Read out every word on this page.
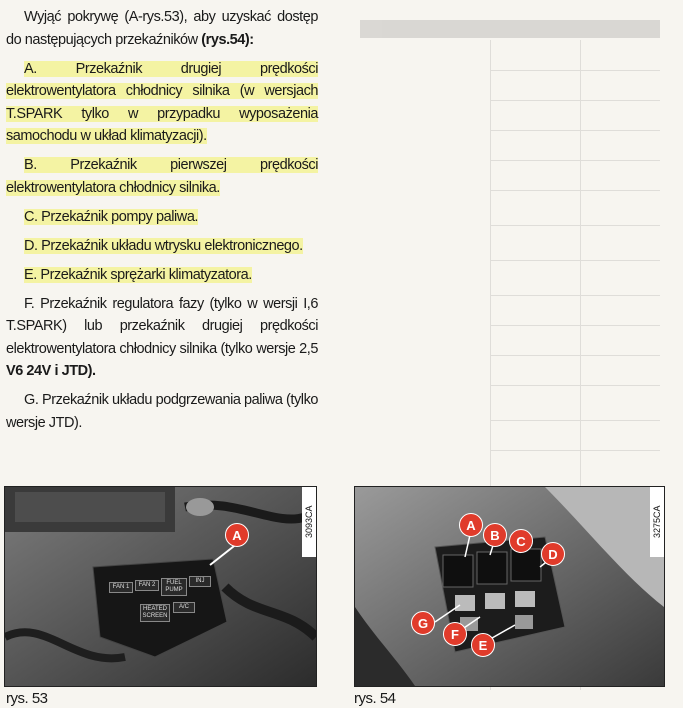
Wyjąć pokrywę (A-rys.53), aby uzyskać dostęp do następujących przekaźników (rys.54):

A. Przekaźnik drugiej prędkości elektrowentylatora chłodnicy silnika (w wersjach T.SPARK tylko w przypadku wyposażenia samochodu w układ klimatyzacji).

B. Przekaźnik pierwszej prędkości elektrowentylatora chłodnicy silnika.

C. Przekaźnik pompy paliwa.

D. Przekaźnik układu wtrysku elektronicznego.

E. Przekaźnik sprężarki klimatyzatora.

F. Przekaźnik regulatora fazy (tylko w wersji I,6 T.SPARK) lub przekaźnik drugiej prędkości elektrowentylatora chłodnicy silnika (tylko wersje 2,5 V6 24V i JTD).

G. Przekaźnik układu podgrzewania paliwa (tylko wersje JTD).

FAN 1	FAN 2	FUEL PUMP
INJ
HEATED SCREEN
A/C
A	3093CA
rys. 53
A
B	C
D
E
F
G
3275CA
rys. 54
